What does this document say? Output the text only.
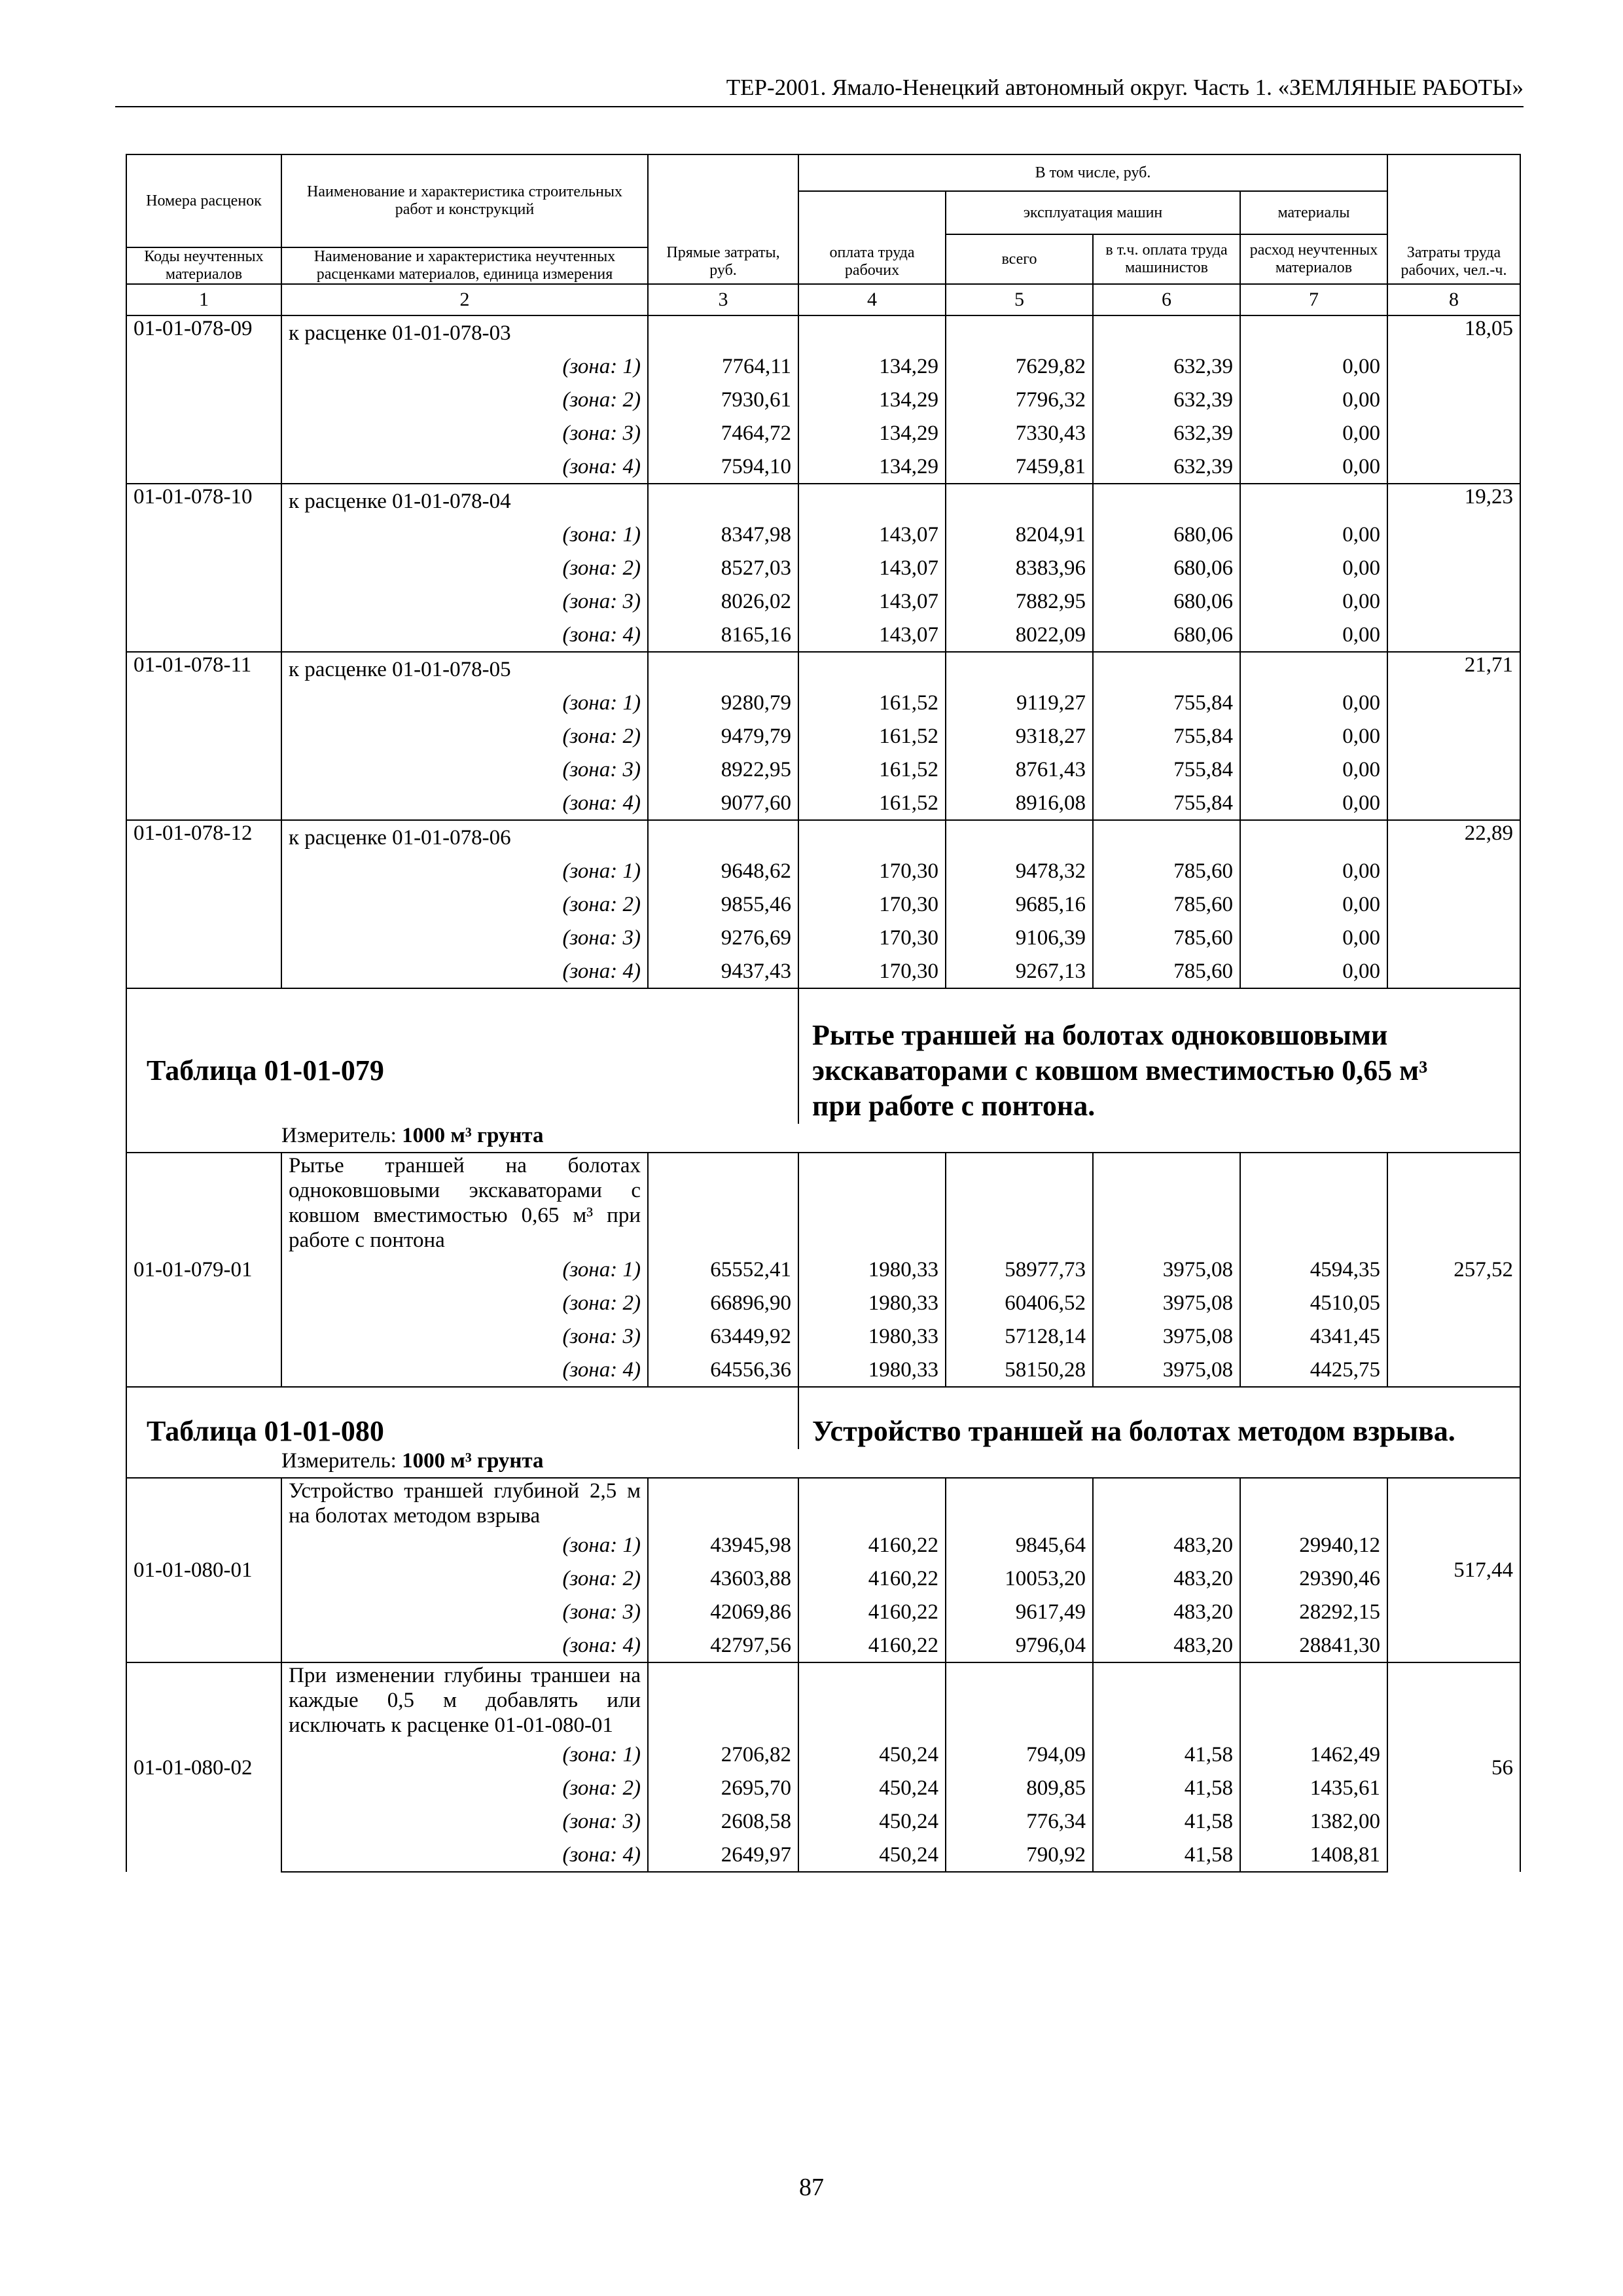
ТЕР-2001. Ямало-Ненецкий автономный округ. Часть 1. «ЗЕМЛЯНЫЕ РАБОТЫ»
Номера расценок	Наименование и характеристика строительных работ и конструкций	Прямые затраты, руб.	В том числе, руб.				Затраты труда рабочих, чел.-ч.
			оплата труда рабочих	эксплуатация машин		материалы	
				всего	в т.ч. оплата труда машинистов	расход неучтенных материалов	
Коды неучтенных материалов	Наименование и характеристика неучтенных расценками материалов, единица измерения						

1	2	3	4	5	6	7	8
01-01-078-09	к расценке 01-01-078-03						18,05
	(зона: 1)	7764,11	134,29	7629,82	632,39	0,00	
	(зона: 2)	7930,61	134,29	7796,32	632,39	0,00	
	(зона: 3)	7464,72	134,29	7330,43	632,39	0,00	
	(зона: 4)	7594,10	134,29	7459,81	632,39	0,00	
01-01-078-10	к расценке 01-01-078-04						19,23
	(зона: 1)	8347,98	143,07	8204,91	680,06	0,00	
	(зона: 2)	8527,03	143,07	8383,96	680,06	0,00	
	(зона: 3)	8026,02	143,07	7882,95	680,06	0,00	
	(зона: 4)	8165,16	143,07	8022,09	680,06	0,00	
01-01-078-11	к расценке 01-01-078-05						21,71
	(зона: 1)	9280,79	161,52	9119,27	755,84	0,00	
	(зона: 2)	9479,79	161,52	9318,27	755,84	0,00	
	(зона: 3)	8922,95	161,52	8761,43	755,84	0,00	
	(зона: 4)	9077,60	161,52	8916,08	755,84	0,00	
01-01-078-12	к расценке 01-01-078-06						22,89
	(зона: 1)	9648,62	170,30	9478,32	785,60	0,00	
	(зона: 2)	9855,46	170,30	9685,16	785,60	0,00	
	(зона: 3)	9276,69	170,30	9106,39	785,60	0,00	
	(зона: 4)	9437,43	170,30	9267,13	785,60	0,00	
Таблица 01-01-079			Рытье траншей на болотах одноковшовыми экскаваторами с ковшом вместимостью 0,65 м³ при работе с понтона.				
Измеритель: 1000 м³ грунта							
01-01-079-01	Рытье траншей на болотах одноковшовыми экскаваторами с ковшом вместимостью 0,65 м³ при работе с понтона						257,52
	(зона: 1)	65552,41	1980,33	58977,73	3975,08	4594,35	
	(зона: 2)	66896,90	1980,33	60406,52	3975,08	4510,05	
	(зона: 3)	63449,92	1980,33	57128,14	3975,08	4341,45	
	(зона: 4)	64556,36	1980,33	58150,28	3975,08	4425,75	
Таблица 01-01-080			Устройство траншей на болотах методом взрыва.				
Измеритель: 1000 м³ грунта							
01-01-080-01	Устройство траншей глубиной 2,5 м на болотах методом взрыва						517,44
	(зона: 1)	43945,98	4160,22	9845,64	483,20	29940,12	
	(зона: 2)	43603,88	4160,22	10053,20	483,20	29390,46	
	(зона: 3)	42069,86	4160,22	9617,49	483,20	28292,15	
	(зона: 4)	42797,56	4160,22	9796,04	483,20	28841,30	
01-01-080-02	При изменении глубины траншеи на каждые 0,5 м добавлять или исключать к расценке 01-01-080-01						56
	(зона: 1)	2706,82	450,24	794,09	41,58	1462,49	
	(зона: 2)	2695,70	450,24	809,85	41,58	1435,61	
	(зона: 3)	2608,58	450,24	776,34	41,58	1382,00	
	(зона: 4)	2649,97	450,24	790,92	41,58	1408,81	
87
